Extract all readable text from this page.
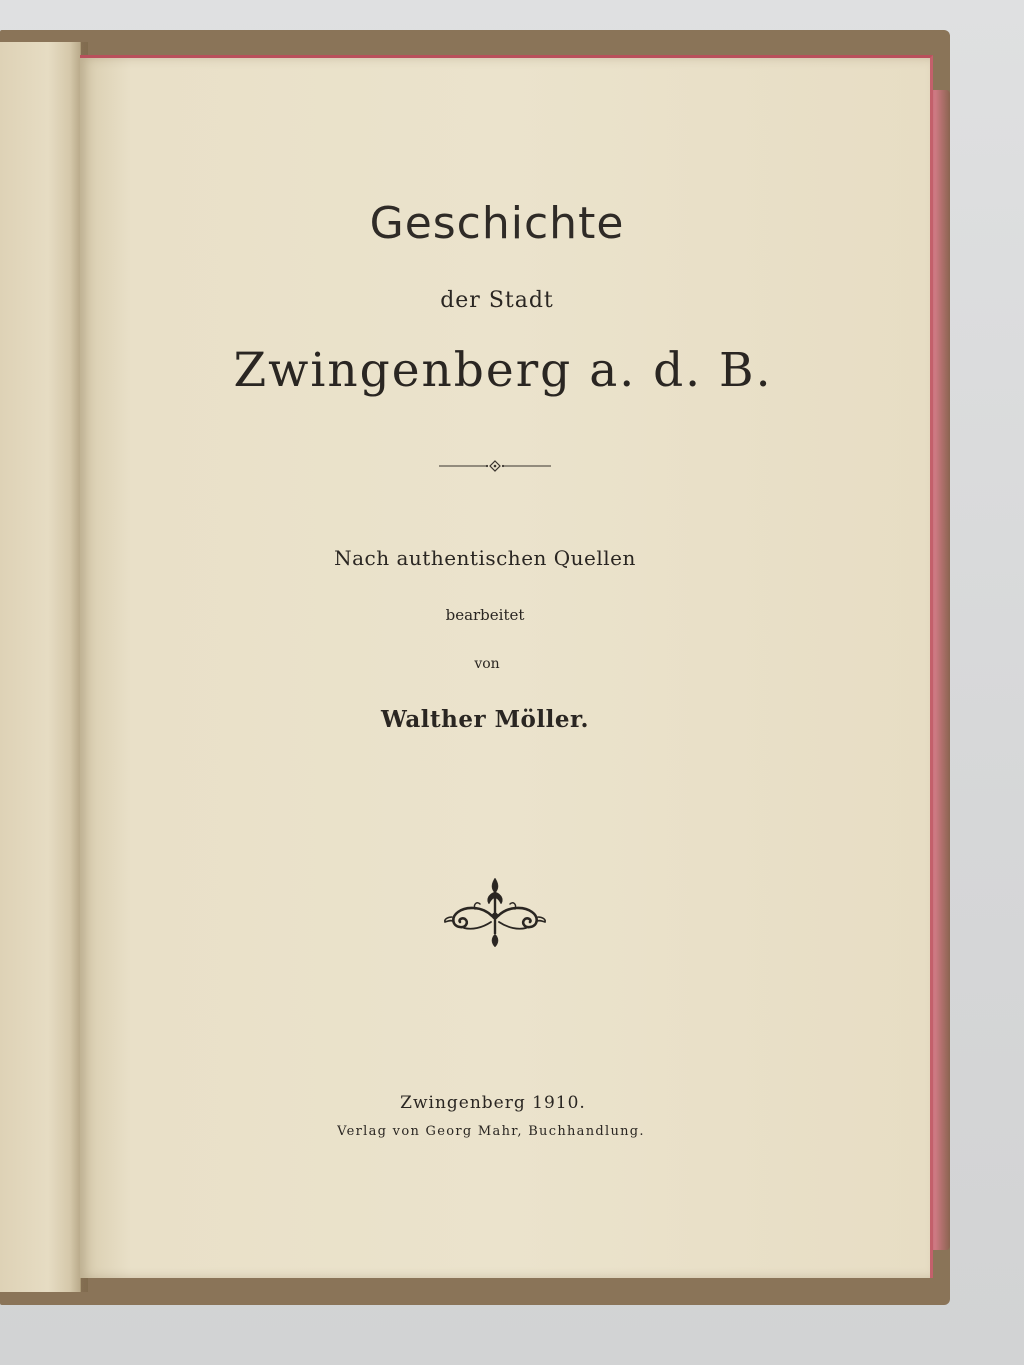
Geschichte
der Stadt
Zwingenberg a. d. B.
Nach authentischen Quellen
bearbeitet
von
Walther Möller.
Zwingenberg 1910.
Verlag von Georg Mahr, Buchhandlung.
